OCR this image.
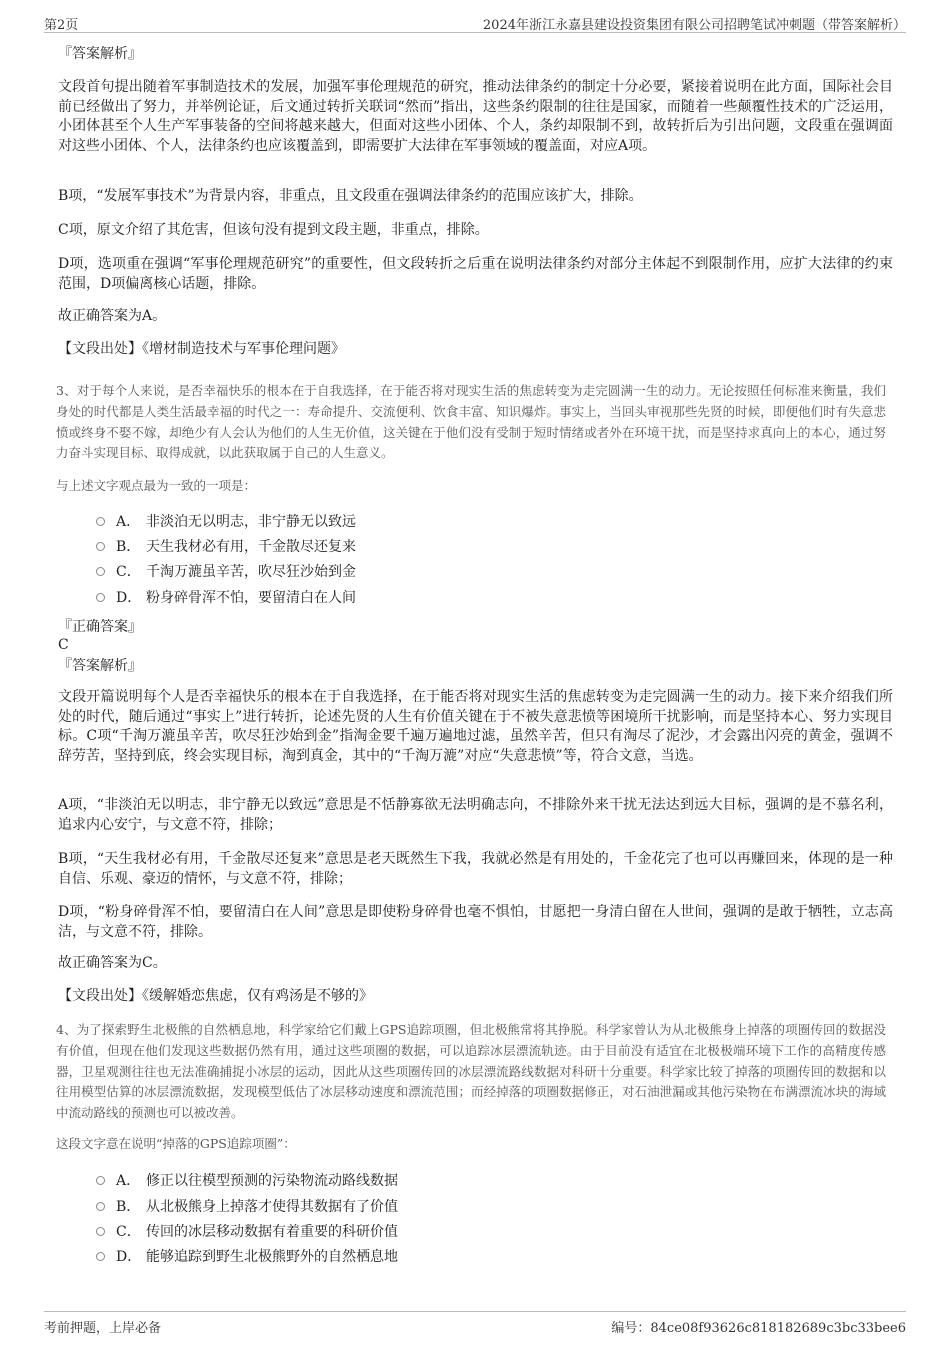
第2页	2024年浙江永嘉县建设投资集团有限公司招聘笔试冲刺题（带答案解析）
『答案解析』
文段首句提出随着军事制造技术的发展，加强军事伦理规范的研究，推动法律条约的制定十分必要，紧接着说明在此方面，国际社会目前已经做出了努力，并举例论证，后文通过转折关联词“然而”指出，这些条约限制的往往是国家，而随着一些颠覆性技术的广泛运用，小团体甚至个人生产军事装备的空间将越来越大，但面对这些小团体、个人，条约却限制不到，故转折后为引出问题，文段重在强调面对这些小团体、个人，法律条约也应该覆盖到，即需要扩大法律在军事领域的覆盖面，对应A项。
B项，“发展军事技术”为背景内容，非重点，且文段重在强调法律条约的范围应该扩大，排除。
C项，原文介绍了其危害，但该句没有提到文段主题，非重点，排除。
D项，选项重在强调“军事伦理规范研究”的重要性，但文段转折之后重在说明法律条约对部分主体起不到限制作用，应扩大法律的约束范围，D项偏离核心话题，排除。
故正确答案为A。
【文段出处】《增材制造技术与军事伦理问题》
3、对于每个人来说，是否幸福快乐的根本在于自我选择，在于能否将对现实生活的焦虑转变为走完圆满一生的动力。无论按照任何标准来衡量，我们身处的时代都是人类生活最幸福的时代之一：寿命提升、交流便利、饮食丰富、知识爆炸。事实上，当回头审视那些先贤的时候，即便他们时有失意悲愤或终身不娶不嫁，却绝少有人会认为他们的人生无价值，这关键在于他们没有受制于短时情绪或者外在环境干扰，而是坚持求真向上的本心，通过努力奋斗实现目标、取得成就，以此获取属于自己的人生意义。
与上述文字观点最为一致的一项是：
A． 非淡泊无以明志，非宁静无以致远
B． 天生我材必有用，千金散尽还复来
C． 千淘万漉虽辛苦，吹尽狂沙始到金
D． 粉身碎骨浑不怕，要留清白在人间
『正确答案』
C
『答案解析』
文段开篇说明每个人是否幸福快乐的根本在于自我选择，在于能否将对现实生活的焦虑转变为走完圆满一生的动力。接下来介绍我们所处的时代，随后通过“事实上”进行转折，论述先贤的人生有价值关键在于不被失意悲愤等困境所干扰影响，而是坚持本心、努力实现目标。C项“千淘万漉虽辛苦，吹尽狂沙始到金”指淘金要千遍万遍地过滤，虽然辛苦，但只有淘尽了泥沙，才会露出闪亮的黄金，强调不辞劳苦，坚持到底，终会实现目标，淘到真金，其中的“千淘万漉”对应“失意悲愤”等，符合文意，当选。
A项，“非淡泊无以明志，非宁静无以致远”意思是不恬静寡欲无法明确志向，不排除外来干扰无法达到远大目标，强调的是不慕名利，追求内心安宁，与文意不符，排除；
B项，“天生我材必有用，千金散尽还复来”意思是老天既然生下我，我就必然是有用处的，千金花完了也可以再赚回来，体现的是一种自信、乐观、豪迈的情怀，与文意不符，排除；
D项，“粉身碎骨浑不怕，要留清白在人间”意思是即使粉身碎骨也毫不惧怕，甘愿把一身清白留在人世间，强调的是敢于牺牲，立志高洁，与文意不符，排除。
故正确答案为C。
【文段出处】《缓解婚恋焦虑，仅有鸡汤是不够的》
4、为了探索野生北极熊的自然栖息地，科学家给它们戴上GPS追踪项圈，但北极熊常将其挣脱。科学家曾认为从北极熊身上掉落的项圈传回的数据没有价值，但现在他们发现这些数据仍然有用，通过这些项圈的数据，可以追踪冰层漂流轨迹。由于目前没有适宜在北极极端环境下工作的高精度传感器，卫星观测往往也无法准确捕捉小冰层的运动，因此从这些项圈传回的冰层漂流路线数据对科研十分重要。科学家比较了掉落的项圈传回的数据和以往用模型估算的冰层漂流数据，发现模型低估了冰层移动速度和漂流范围；而经掉落的项圈数据修正，对石油泄漏或其他污染物在布满漂流冰块的海域中流动路线的预测也可以被改善。
这段文字意在说明“掉落的GPS追踪项圈”：
A． 修正以往模型预测的污染物流动路线数据
B． 从北极熊身上掉落才使得其数据有了价值
C． 传回的冰层移动数据有着重要的科研价值
D． 能够追踪到野生北极熊野外的自然栖息地
考前押题，上岸必备	编号：84ce08f93626c818182689c3bc33bee6
